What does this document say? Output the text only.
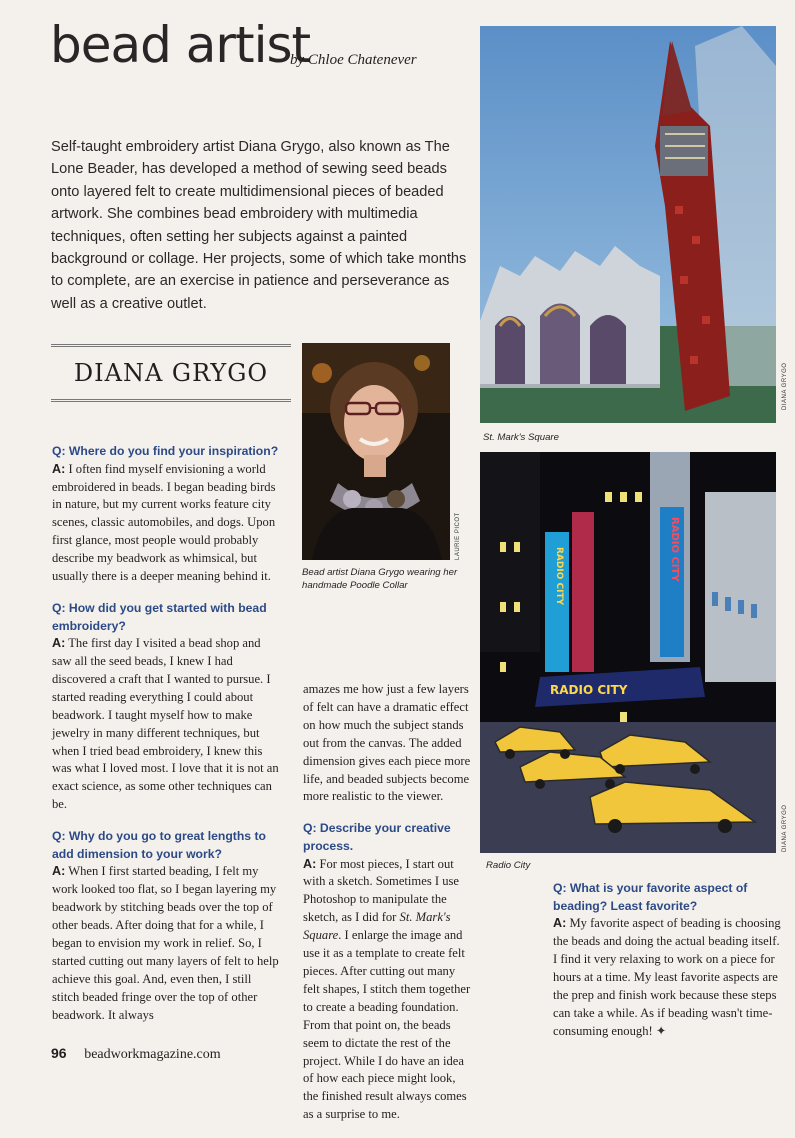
bead artist
by Chloe Chatenever
Self-taught embroidery artist Diana Grygo, also known as The Lone Beader, has developed a method of sewing seed beads onto layered felt to create multidimensional pieces of beaded artwork. She combines bead embroidery with multimedia techniques, often setting her subjects against a painted background or collage. Her projects, some of which take months to complete, are an exercise in patience and perseverance as well as a creative outlet.
DIANA GRYGO
LAURIE PICOT
Bead artist Diana Grygo wearing her handmade Poodle Collar
DIANA GRYGO
St. Mark's Square
RADIO CITY	RADIO CITY
RADIO CITY
DIANA GRYGO
Radio City
Q: Where do you find your inspiration?

A: I often find myself envisioning a world embroidered in beads. I began beading birds in nature, but my current works feature city scenes, classic automobiles, and dogs. Upon first glance, most people would probably describe my beadwork as whimsical, but usually there is a deeper meaning behind it.

Q: How did you get started with bead embroidery?

A: The first day I visited a bead shop and saw all the seed beads, I knew I had discovered a craft that I wanted to pursue. I started reading everything I could about beadwork. I taught myself how to make jewelry in many different techniques, but when I tried bead embroidery, I knew this was what I loved most. I love that it is not an exact science, as some other techniques can be.

Q: Why do you go to great lengths to add dimension to your work?

A: When I first started beading, I felt my work looked too flat, so I began layering my beadwork by stitching beads over the top of other beads. After doing that for a while, I began to envision my work in relief. So, I started cutting out many layers of felt to help achieve this goal. And, even then, I still stitch beaded fringe over the top of other beadwork. It always

amazes me how just a few layers of felt can have a dramatic effect on how much the subject stands out from the canvas. The added dimension gives each piece more life, and beaded subjects become more realistic to the viewer.

Q: Describe your creative process.

A: For most pieces, I start out with a sketch. Sometimes I use Photoshop to manipulate the sketch, as I did for St. Mark's Square. I enlarge the image and use it as a template to create felt pieces. After cutting out many felt shapes, I stitch them together to create a beading foundation. From that point on, the beads seem to dictate the rest of the project. While I do have an idea of how each piece might look, the finished result always comes as a surprise to me.

Q: What is your favorite aspect of beading? Least favorite?

A: My favorite aspect of beading is choosing the beads and doing the actual beading itself. I find it very relaxing to work on a piece for hours at a time. My least favorite aspects are the prep and finish work because these steps can take a while. As if beading wasn't time-consuming enough! ✦

96 beadworkmagazine.com
